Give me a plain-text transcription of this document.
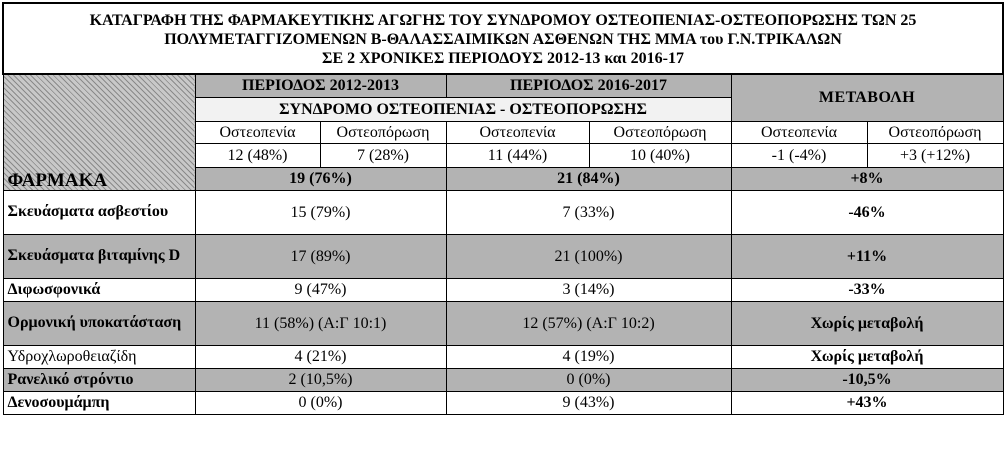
ΚΑΤΑΓΡΑΦΗ ΤΗΣ ΦΑΡΜΑΚΕΥΤΙΚΗΣ ΑΓΩΓΗΣ ΤΟΥ ΣΥΝΔΡΟΜΟΥ ΟΣΤΕΟΠΕΝΙΑΣ-ΟΣΤΕΟΠΟΡΩΣΗΣ ΤΩΝ 25
ΠΟΛΥΜΕΤΑΓΓΙΖΟΜΕΝΩΝ Β-ΘΑΛΑΣΣΑΙΜΙΚΩΝ ΑΣΘΕΝΩΝ ΤΗΣ ΜΜΑ του Γ.Ν.ΤΡΙΚΑΛΩΝ
ΣΕ 2 ΧΡΟΝΙΚΕΣ ΠΕΡΙΟΔΟΥΣ 2012-13 και 2016-17						

ΦΑΡΜΑΚΑ	ΠΕΡΙΟΔΟΣ 2012-2013		ΠΕΡΙΟΔΟΣ 2016-2017		ΜΕΤΑΒΟΛΗ	
	ΣΥΝΔΡΟΜΟ ΟΣΤΕΟΠΕΝΙΑΣ - ΟΣΤΕΟΠΟΡΩΣΗΣ					
	Οστεοπενία	Οστεοπόρωση	Οστεοπενία	Οστεοπόρωση	Οστεοπενία	Οστεοπόρωση
	12 (48%)	7 (28%)	11 (44%)	10 (40%)	-1 (-4%)	+3 (+12%)
	19 (76%)		21 (84%)		+8%	
Σκευάσματα ασβεστίου	15 (79%)		7 (33%)		-46%	
Σκευάσματα βιταμίνης D	17 (89%)		21 (100%)		+11%	
Διφωσφονικά	9 (47%)		3 (14%)		-33%	
Ορμονική υποκατάσταση	11 (58%) (Α:Γ 10:1)		12 (57%) (Α:Γ 10:2)		Χωρίς μεταβολή	
Υδροχλωροθειαζίδη	4 (21%)		4 (19%)		Χωρίς μεταβολή	
Ρανελικό στρόντιο	2 (10,5%)		0 (0%)		-10,5%	
Δενοσουμάμπη	0 (0%)		9 (43%)		+43%	
